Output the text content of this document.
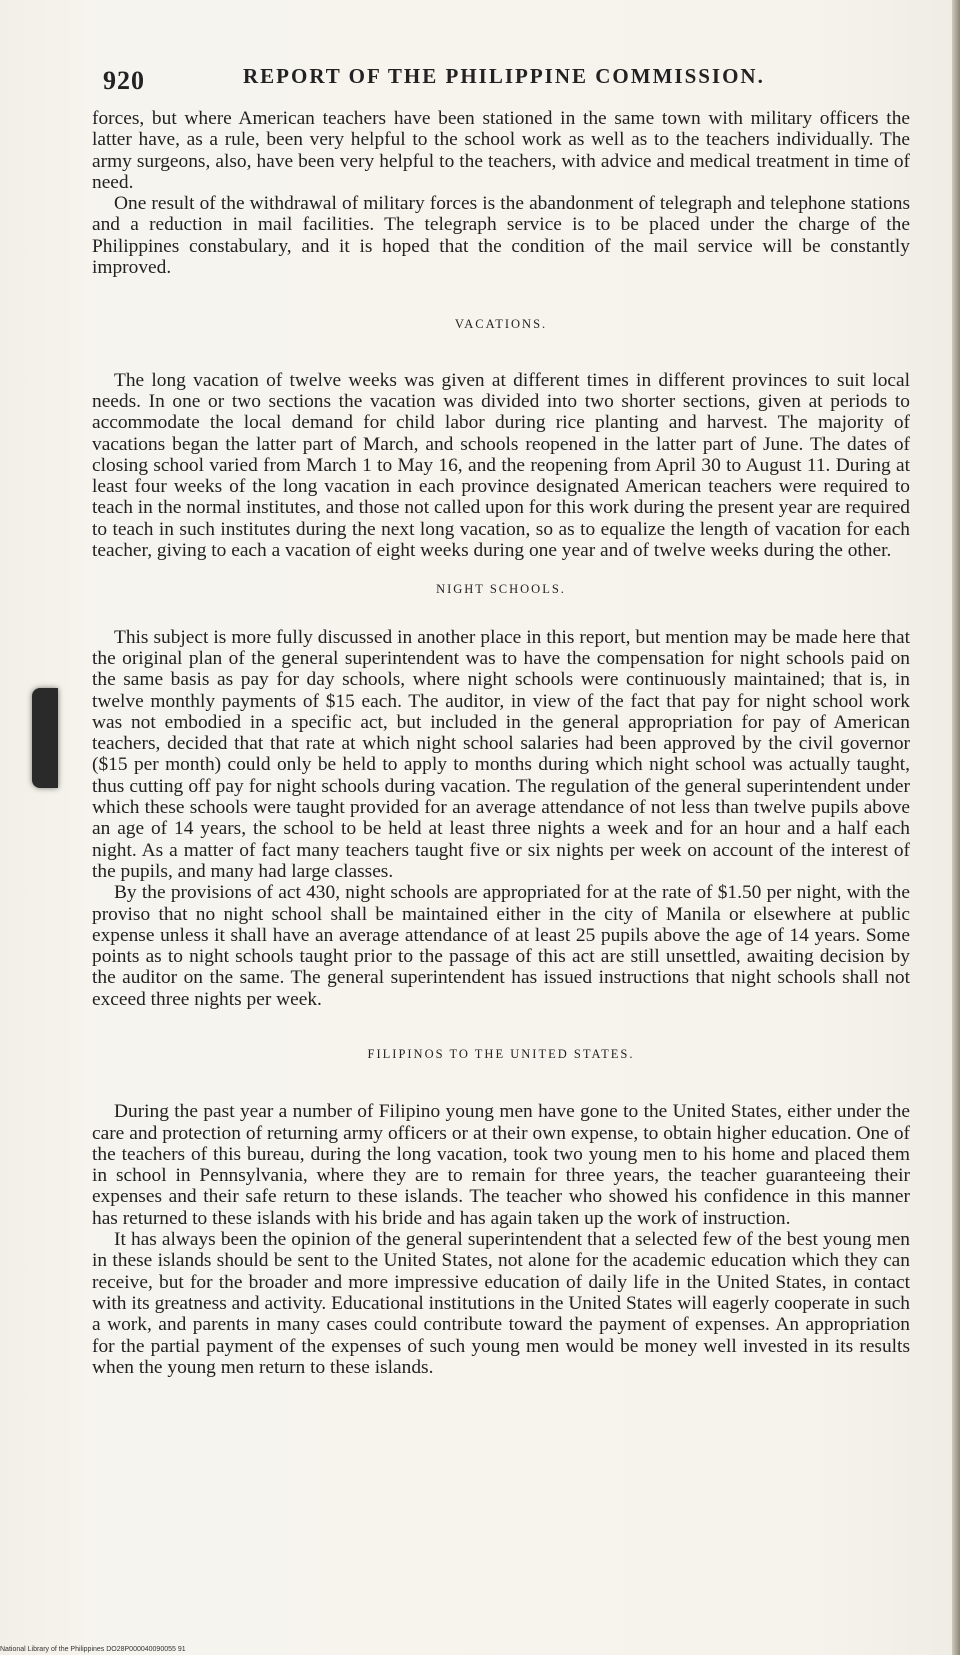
920	REPORT OF THE PHILIPPINE COMMISSION.

forces, but where American teachers have been stationed in the same town with military officers the latter have, as a rule, been very helpful to the school work as well as to the teachers individually. The army surgeons, also, have been very helpful to the teachers, with advice and medical treatment in time of need.

One result of the withdrawal of military forces is the abandonment of telegraph and telephone stations and a reduction in mail facilities. The telegraph service is to be placed under the charge of the Philippines constabulary, and it is hoped that the condition of the mail service will be constantly improved.

VACATIONS.

The long vacation of twelve weeks was given at different times in different provinces to suit local needs. In one or two sections the vacation was divided into two shorter sections, given at periods to accommodate the local demand for child labor during rice planting and harvest. The majority of vacations began the latter part of March, and schools reopened in the latter part of June. The dates of closing school varied from March 1 to May 16, and the reopening from April 30 to August 11. During at least four weeks of the long vacation in each province designated American teachers were required to teach in the normal institutes, and those not called upon for this work during the present year are required to teach in such institutes during the next long vacation, so as to equalize the length of vacation for each teacher, giving to each a vacation of eight weeks during one year and of twelve weeks during the other.

NIGHT SCHOOLS.

This subject is more fully discussed in another place in this report, but mention may be made here that the original plan of the general superintendent was to have the compensation for night schools paid on the same basis as pay for day schools, where night schools were continuously maintained; that is, in twelve monthly payments of $15 each. The auditor, in view of the fact that pay for night school work was not embodied in a specific act, but included in the general appropriation for pay of American teachers, decided that that rate at which night school salaries had been approved by the civil governor ($15 per month) could only be held to apply to months during which night school was actually taught, thus cutting off pay for night schools during vacation. The regulation of the general superintendent under which these schools were taught provided for an average attendance of not less than twelve pupils above an age of 14 years, the school to be held at least three nights a week and for an hour and a half each night. As a matter of fact many teachers taught five or six nights per week on account of the interest of the pupils, and many had large classes.

By the provisions of act 430, night schools are appropriated for at the rate of $1.50 per night, with the proviso that no night school shall be maintained either in the city of Manila or elsewhere at public expense unless it shall have an average attendance of at least 25 pupils above the age of 14 years. Some points as to night schools taught prior to the passage of this act are still unsettled, awaiting decision by the auditor on the same. The general superintendent has issued instructions that night schools shall not exceed three nights per week.

FILIPINOS TO THE UNITED STATES.

During the past year a number of Filipino young men have gone to the United States, either under the care and protection of returning army officers or at their own expense, to obtain higher education. One of the teachers of this bureau, during the long vacation, took two young men to his home and placed them in school in Pennsylvania, where they are to remain for three years, the teacher guaranteeing their expenses and their safe return to these islands. The teacher who showed his confidence in this manner has returned to these islands with his bride and has again taken up the work of instruction.

It has always been the opinion of the general superintendent that a selected few of the best young men in these islands should be sent to the United States, not alone for the academic education which they can receive, but for the broader and more impressive education of daily life in the United States, in contact with its greatness and activity. Educational institutions in the United States will eagerly cooperate in such a work, and parents in many cases could contribute toward the payment of expenses. An appropriation for the partial payment of the expenses of such young men would be money well invested in its results when the young men return to these islands.

National Library of the Philippines DO28P000040090055 91
